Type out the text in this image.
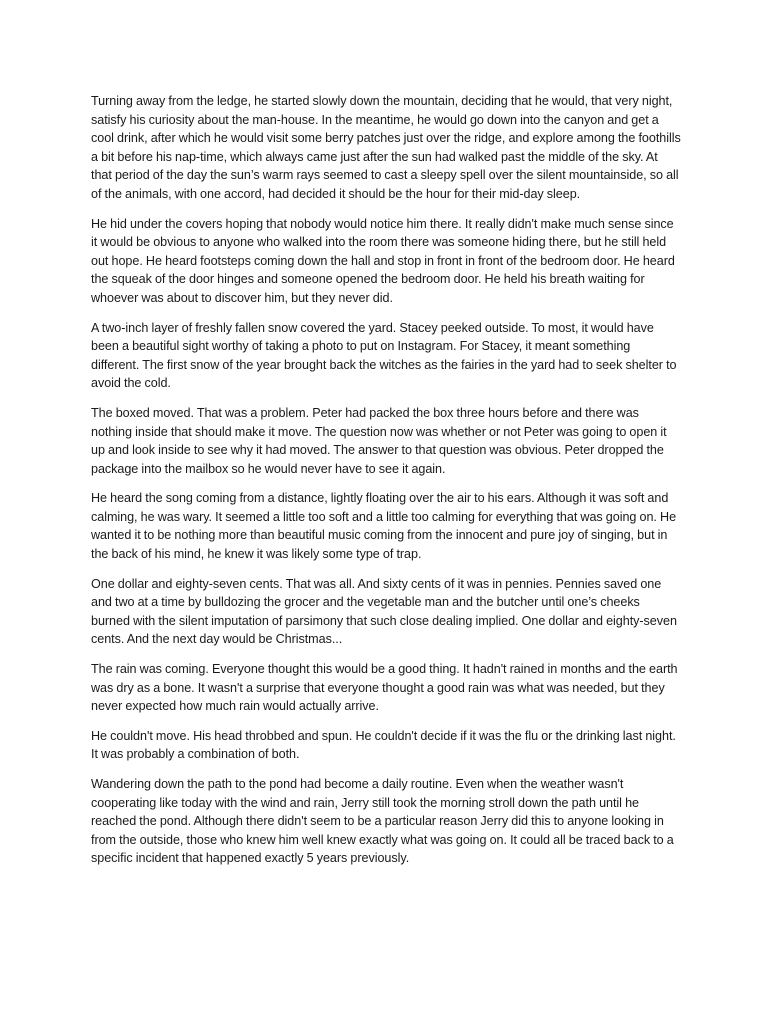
Turning away from the ledge, he started slowly down the mountain, deciding that he would, that very night, satisfy his curiosity about the man-house. In the meantime, he would go down into the canyon and get a cool drink, after which he would visit some berry patches just over the ridge, and explore among the foothills a bit before his nap-time, which always came just after the sun had walked past the middle of the sky. At that period of the day the sun’s warm rays seemed to cast a sleepy spell over the silent mountainside, so all of the animals, with one accord, had decided it should be the hour for their mid-day sleep.

He hid under the covers hoping that nobody would notice him there. It really didn't make much sense since it would be obvious to anyone who walked into the room there was someone hiding there, but he still held out hope. He heard footsteps coming down the hall and stop in front in front of the bedroom door. He heard the squeak of the door hinges and someone opened the bedroom door. He held his breath waiting for whoever was about to discover him, but they never did.

A two-inch layer of freshly fallen snow covered the yard. Stacey peeked outside. To most, it would have been a beautiful sight worthy of taking a photo to put on Instagram. For Stacey, it meant something different. The first snow of the year brought back the witches as the fairies in the yard had to seek shelter to avoid the cold.

The boxed moved. That was a problem. Peter had packed the box three hours before and there was nothing inside that should make it move. The question now was whether or not Peter was going to open it up and look inside to see why it had moved. The answer to that question was obvious. Peter dropped the package into the mailbox so he would never have to see it again.

He heard the song coming from a distance, lightly floating over the air to his ears. Although it was soft and calming, he was wary. It seemed a little too soft and a little too calming for everything that was going on. He wanted it to be nothing more than beautiful music coming from the innocent and pure joy of singing, but in the back of his mind, he knew it was likely some type of trap.

One dollar and eighty-seven cents. That was all. And sixty cents of it was in pennies. Pennies saved one and two at a time by bulldozing the grocer and the vegetable man and the butcher until one’s cheeks burned with the silent imputation of parsimony that such close dealing implied. One dollar and eighty-seven cents. And the next day would be Christmas...

The rain was coming. Everyone thought this would be a good thing. It hadn't rained in months and the earth was dry as a bone. It wasn't a surprise that everyone thought a good rain was what was needed, but they never expected how much rain would actually arrive.

He couldn't move. His head throbbed and spun. He couldn't decide if it was the flu or the drinking last night. It was probably a combination of both.

Wandering down the path to the pond had become a daily routine. Even when the weather wasn't cooperating like today with the wind and rain, Jerry still took the morning stroll down the path until he reached the pond. Although there didn't seem to be a particular reason Jerry did this to anyone looking in from the outside, those who knew him well knew exactly what was going on. It could all be traced back to a specific incident that happened exactly 5 years previously.
